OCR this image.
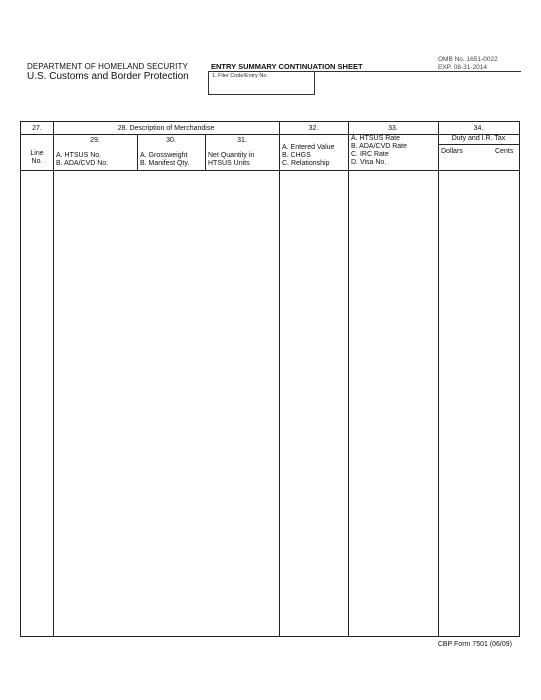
DEPARTMENT OF HOMELAND SECURITY
U.S. Customs and Border Protection
ENTRY SUMMARY CONTINUATION SHEET
OMB No. 1651-0022
EXP. 08-31-2014
1. Filer Code/Entry No.
27.
Line
No.
28. Description of Merchandise
29.
A. HTSUS No.
B. ADA/CVD No.
30.
A. Grossweight
B. Manifest Qty.
31.
Net Quantity in
HTSUS Units
32.
A. Entered Value
B. CHGS
C. Relationship
33.
A. HTSUS Rate
B. ADA/CVD Rate
C. IRC Rate
D. Visa No.
34.
Duty and I.R. Tax
Dollars	Cents
CBP Form 7501 (06/09)
